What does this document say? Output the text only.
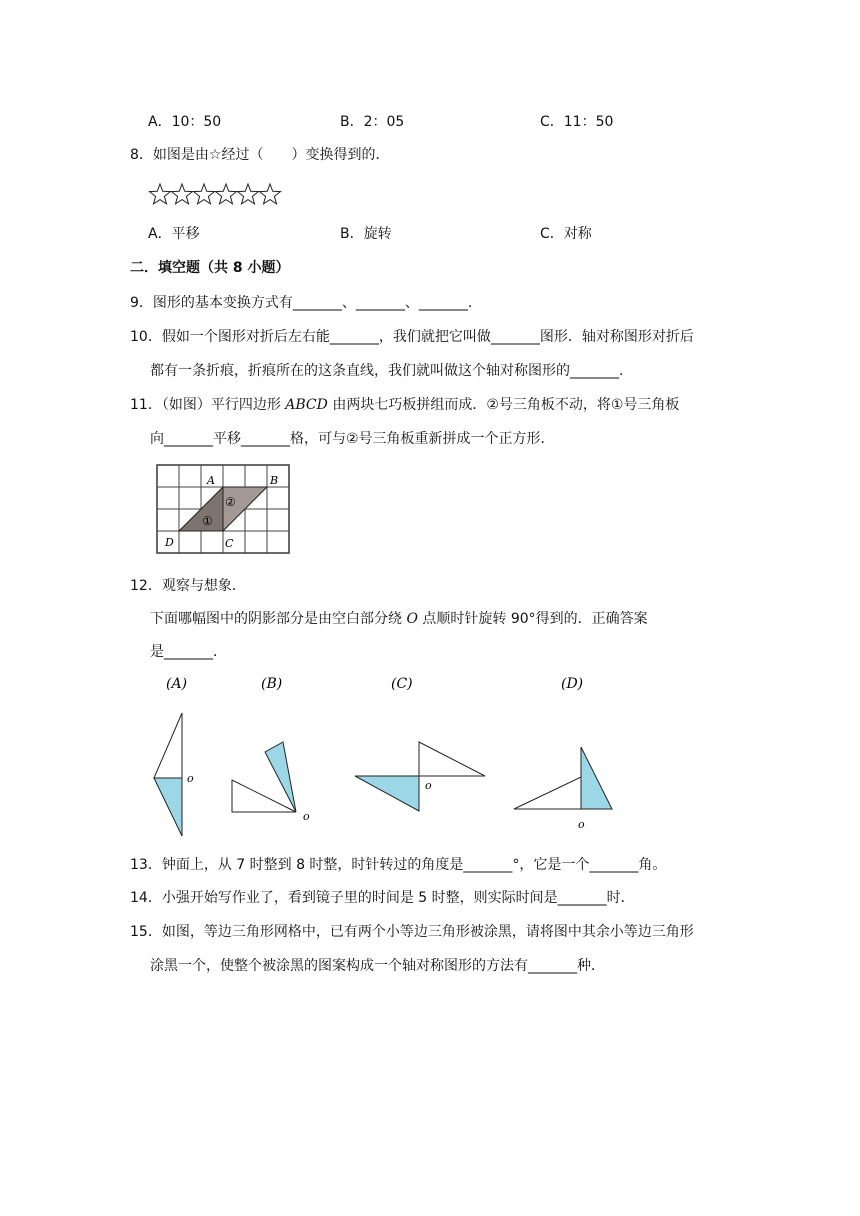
A．10：50	B．2：05	C．11：50
8．如图是由☆经过（　　）变换得到的．
A．平移	B．旋转	C．对称
二．填空题（共 8 小题）
9．图形的基本变换方式有_______、_______、_______.
10．假如一个图形对折后左右能_______，我们就把它叫做_______图形．轴对称图形对折后
都有一条折痕，折痕所在的这条直线，我们就叫做这个轴对称图形的_______.
11．（如图）平行四边形 ABCD 由两块七巧板拼组而成．②号三角板不动，将①号三角板
向_______平移_______格，可与②号三角板重新拼成一个正方形．
A	B
C
D
①
②
12．观察与想象．
下面哪幅图中的阴影部分是由空白部分绕 O 点顺时针旋转 90°得到的．正确答案
是_______．
(A)	(B)	(C)	(D)
o
o
o
o
13．钟面上，从 7 时整到 8 时整，时针转过的角度是_______°，它是一个_______角。
14．小强开始写作业了，看到镜子里的时间是 5 时整，则实际时间是_______时．
15．如图，等边三角形网格中，已有两个小等边三角形被涂黑，请将图中其余小等边三角形
涂黑一个，使整个被涂黑的图案构成一个轴对称图形的方法有_______种．
